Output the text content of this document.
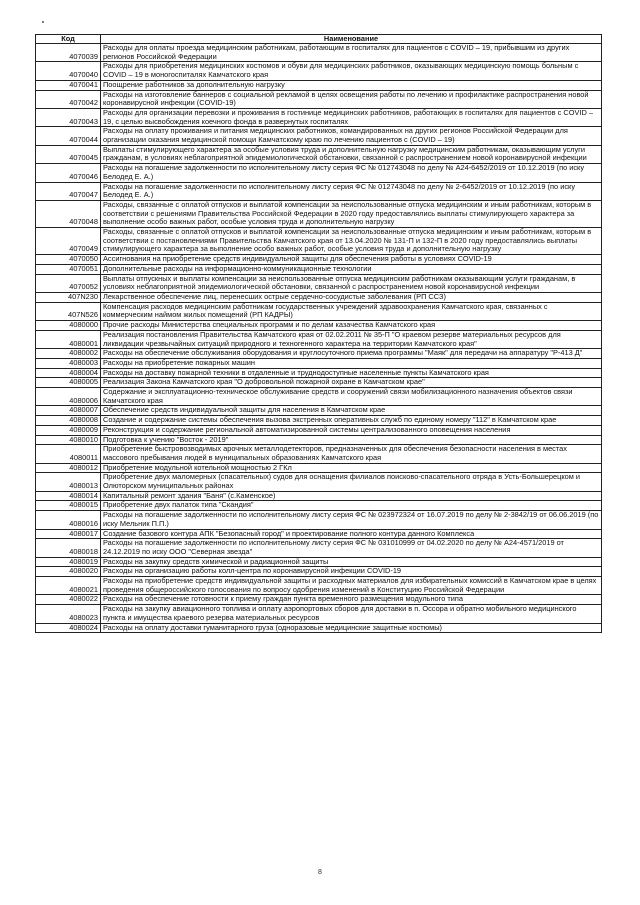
Код	Наименование
4070039	Расходы для оплаты проезда медицинским работникам, работающим в госпиталях для пациентов с COVID – 19, прибывшим из других регионов Российской Федерации
4070040	Расходы для приобретения медицинских костюмов и обуви для медицинских работников, оказывающих медицинскую помощь больным с COVID – 19 в моногоспиталях Камчатского края
4070041	Поощрение работников за дополнительную нагрузку
4070042	Расходы на изготовление баннеров с социальной рекламой в целях освещения работы по лечению и профилактике распространения новой коронавирусной инфекции (COVID-19)
4070043	Расходы для организации перевозки и проживания в гостинице медицинских работников, работающих в госпиталях для пациентов с COVID – 19, с целью высвобождения коечного фонда в развернутых госпиталях
4070044	Расходы на оплату проживания и питания медицинских работников, командированных на других регионов Российской Федерации для организации оказания медицинской помощи Камчатскому краю по лечению пациентов с (COVID – 19)
4070045	Выплаты стимулирующего характера за особые условия труда и дополнительную нагрузку медицинским работникам, оказывающим услуги гражданам, в условиях неблагоприятной эпидемиологической обстановки, связанной с распространением новой коронавирусной инфекции
4070046	Расходы на погашение задолженности по исполнительному листу серия ФС № 012743048 по делу № А24-6452/2019 от 10.12.2019 (по иску Белодед Е. А.)
4070047	Расходы на погашение задолженности по исполнительному листу серия ФС № 012743048 по делу № 2-6452/2019 от 10.12.2019 (по иску Белодед Е. А.)
4070048	Расходы, связанные с оплатой отпусков и выплатой компенсации за неиспользованные отпуска медицинским и иным работникам, которым в соответствии с решениями Правительства Российской Федерации в 2020 году предоставлялись выплаты стимулирующего характера за выполнение особо важных работ, особые условия труда и дополнительную нагрузку
4070049	Расходы, связанные с оплатой отпусков и выплатой компенсации за неиспользованные отпуска медицинским и иным работникам, которым в соответствии с постановлениями Правительства Камчатского края от 13.04.2020 № 131-П и 132-П в 2020 году предоставлялись выплаты стимулирующего характера за выполнение особо важных работ, особые условия труда и дополнительную нагрузку
4070050	Ассигнования на приобретение средств индивидуальной защиты для обеспечения работы в условиях COVID-19
4070051	Дополнительные расходы на информационно-коммуникационные технологии
4070052	Выплаты отпускных и выплаты компенсации за неиспользованные отпуска медицинским работникам оказывающим услуги гражданам, в условиях неблагоприятной эпидемиологической обстановки, связанной с распространением новой коронавирусной инфекции
407N230	Лекарственное обеспечение лиц, перенесших острые сердечно-сосудистые заболевания (РП ССЗ)
407N526	Компенсация расходов медицинским работникам государственных учреждений здравоохранения Камчатского края, связанных с коммерческим наймом жилых помещений (РП КАДРЫ)
4080000	Прочие расходы Министерства специальных программ и по делам казачества Камчатского края
4080001	Реализация постановления Правительства Камчатского края от 02.02.2011 № 35-П "О краевом резерве материальных ресурсов для ликвидации чрезвычайных ситуаций природного и техногенного характера на территории Камчатского края"
4080002	Расходы на обеспечение обслуживания оборудования и круглосуточного приема программы "Маяк" для передачи на аппаратуру "Р-413 Д"
4080003	Расходы на приобретение пожарных машин
4080004	Расходы на доставку пожарной техники в отдаленные и труднодоступные населенные пункты Камчатского края
4080005	Реализация Закона Камчатского края "О добровольной пожарной охране в Камчатском крае"
4080006	Содержание и эксплуатационно-техническое обслуживание средств и сооружений связи мобилизационного назначения объектов связи Камчатского края
4080007	Обеспечение средств индивидуальной защиты для населения в Камчатском крае
4080008	Создание и содержание системы обеспечения вызова экстренных оперативных служб по единому номеру "112" в Камчатском крае
4080009	Реконструкция и содержание региональной автоматизированной системы централизованного оповещения населения
4080010	Подготовка к учению "Восток - 2019"
4080011	Приобретение быстровозводимых арочных металлодетекторов, предназначенных для обеспечения безопасности населения в местах массового пребывания людей в муниципальных образованиях Камчатского края
4080012	Приобретение модульной котельной мощностью 2 ГКл
4080013	Приобретение двух маломерных (спасательных) судов для оснащения филиалов поисково-спасательного отряда в Усть-Большерецком и Олюторском муниципальных районах
4080014	Капитальный ремонт здания "Баня" (с.Каменское)
4080015	Приобретение двух палаток типа "Скандия"
4080016	Расходы на погашение задолженности по исполнительному листу серия ФС № 023972324 от 16.07.2019 по делу № 2-3842/19 от 06.06.2019 (по иску Мельник П.П.)
4080017	Создание базового контура АПК "Безопасный город" и проектирование полного контура данного Комплекса
4080018	Расходы на погашение задолженности по исполнительному листу серия ФС № 031010999 от 04.02.2020 по делу № А24-4571/2019 от 24.12.2019 по иску ООО "Северная звезда"
4080019	Расходы на закупку средств химической и радиационной защиты
4080020	Расходы на организацию работы колл-центра по коронавирусной инфекции COVID-19
4080021	Расходы на приобретение средств индивидуальной защиты и расходных материалов для избирательных комиссий в Камчатском крае в целях проведения общероссийского голосования по вопросу одобрения изменений в Конституцию Российской Федерации
4080022	Расходы на обеспечение готовности к приему граждан пункта временного размещения модульного типа
4080023	Расходы на закупку авиационного топлива и оплату аэропортовых сборов для доставки в п. Оссора и обратно мобильного медицинского пункта и имущества краевого резерва материальных ресурсов
4080024	Расходы на оплату доставки гуманитарного груза (одноразовые медицинские защитные костюмы)
8
